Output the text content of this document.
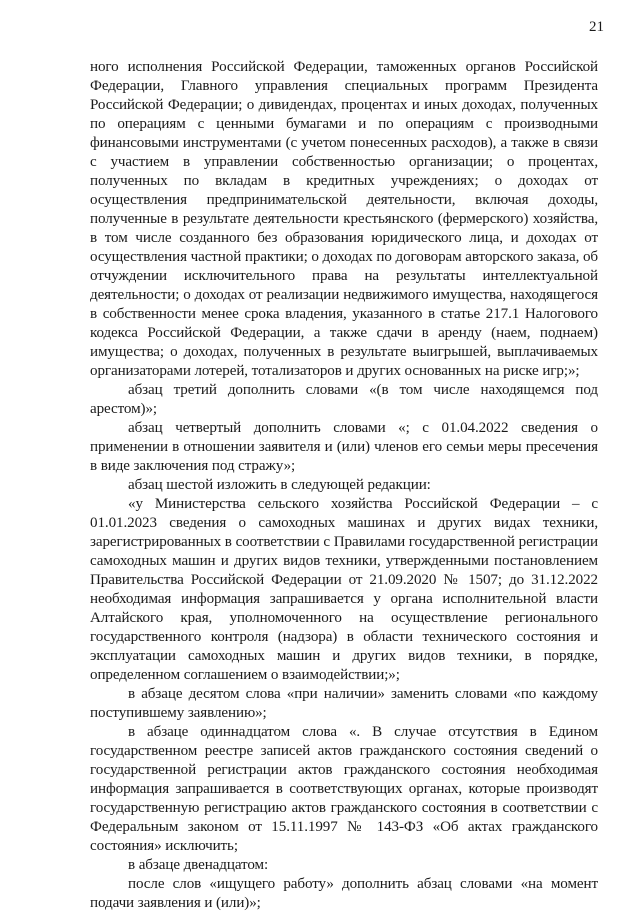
21

ного исполнения Российской Федерации, таможенных органов Российской Федерации, Главного управления специальных программ Президента Российской Федерации; о дивидендах, процентах и иных доходах, полученных по операциям с ценными бумагами и по операциям с производными финансовыми инструментами (с учетом понесенных расходов), а также в связи с участием в управлении собственностью организации; о процентах, полученных по вкладам в кредитных учреждениях; о доходах от осуществления предпринимательской деятельности, включая доходы, полученные в результате деятельности крестьянского (фермерского) хозяйства, в том числе созданного без образования юридического лица, и доходах от осуществления частной практики; о доходах по договорам авторского заказа, об отчуждении исключительного права на результаты интеллектуальной деятельности; о доходах от реализации недвижимого имущества, находящегося в собственности менее срока владения, указанного в статье 217.1 Налогового кодекса Российской Федерации, а также сдачи в аренду (наем, поднаем) имущества; о доходах, полученных в результате выигрышей, выплачиваемых организаторами лотерей, тотализаторов и других основанных на риске игр;»;

абзац третий дополнить словами «(в том числе находящемся под арестом)»;

абзац четвертый дополнить словами «; с 01.04.2022 сведения о применении в отношении заявителя и (или) членов его семьи меры пресечения в виде заключения под стражу»;

абзац шестой изложить в следующей редакции:

«у Министерства сельского хозяйства Российской Федерации – с 01.01.2023 сведения о самоходных машинах и других видах техники, зарегистрированных в соответствии с Правилами государственной регистрации самоходных машин и других видов техники, утвержденными постановлением Правительства Российской Федерации от 21.09.2020 № 1507; до 31.12.2022 необходимая информация запрашивается у органа исполнительной власти Алтайского края, уполномоченного на осуществление регионального государственного контроля (надзора) в области технического состояния и эксплуатации самоходных машин и других видов техники, в порядке, определенном соглашением о взаимодействии;»;

в абзаце десятом слова «при наличии» заменить словами «по каждому поступившему заявлению»;

в абзаце одиннадцатом слова «. В случае отсутствия в Едином государственном реестре записей актов гражданского состояния сведений о государственной регистрации актов гражданского состояния необходимая информация запрашивается в соответствующих органах, которые производят государственную регистрацию актов гражданского состояния в соответствии с Федеральным законом от 15.11.1997 № 143-ФЗ «Об актах гражданского состояния» исключить;

в абзаце двенадцатом:

после слов «ищущего работу» дополнить абзац словами «на момент подачи заявления и (или)»;
